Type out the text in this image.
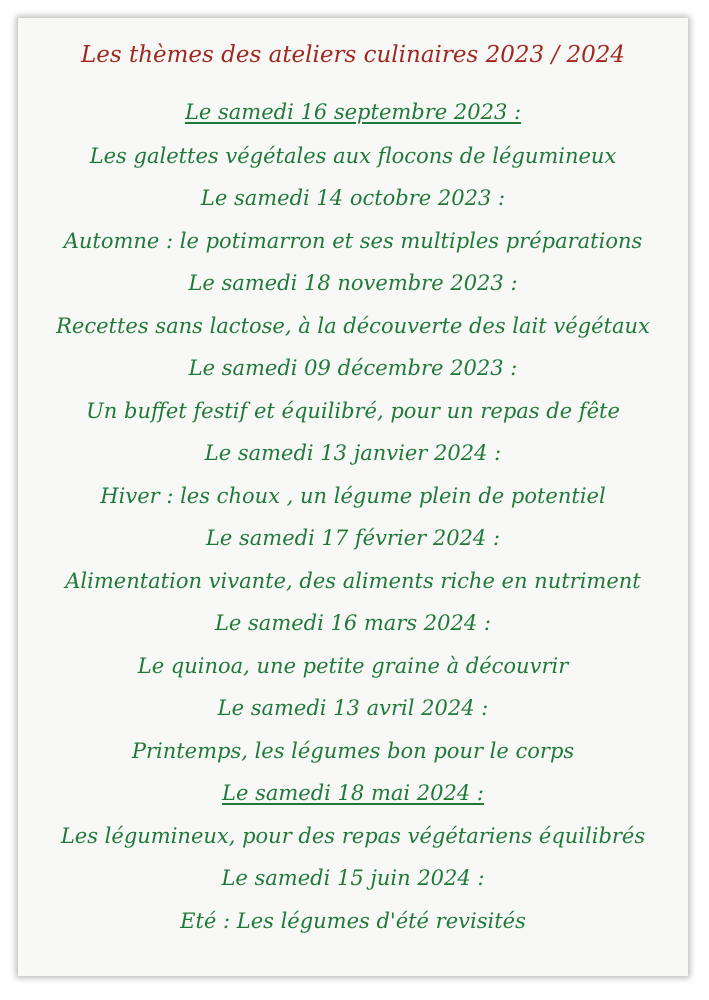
Les thèmes des ateliers culinaires 2023 / 2024
Le samedi 16 septembre 2023 :
Les galettes végétales aux flocons de légumineux
Le samedi 14 octobre 2023 :
Automne : le potimarron et ses multiples préparations
Le samedi 18 novembre 2023 :
Recettes sans lactose, à la découverte des lait végétaux
Le samedi 09 décembre 2023 :
Un buffet festif et équilibré, pour un repas de fête
Le samedi 13 janvier 2024 :
Hiver : les choux , un légume plein de potentiel
Le samedi 17 février 2024 :
Alimentation vivante, des aliments riche en nutriment
Le samedi 16 mars 2024 :
Le quinoa, une petite graine à découvrir
Le samedi 13 avril 2024 :
Printemps, les légumes bon pour le corps
Le samedi 18 mai 2024 :
Les légumineux, pour des repas végétariens équilibrés
Le samedi 15 juin 2024 :
Eté : Les légumes d'été revisités
